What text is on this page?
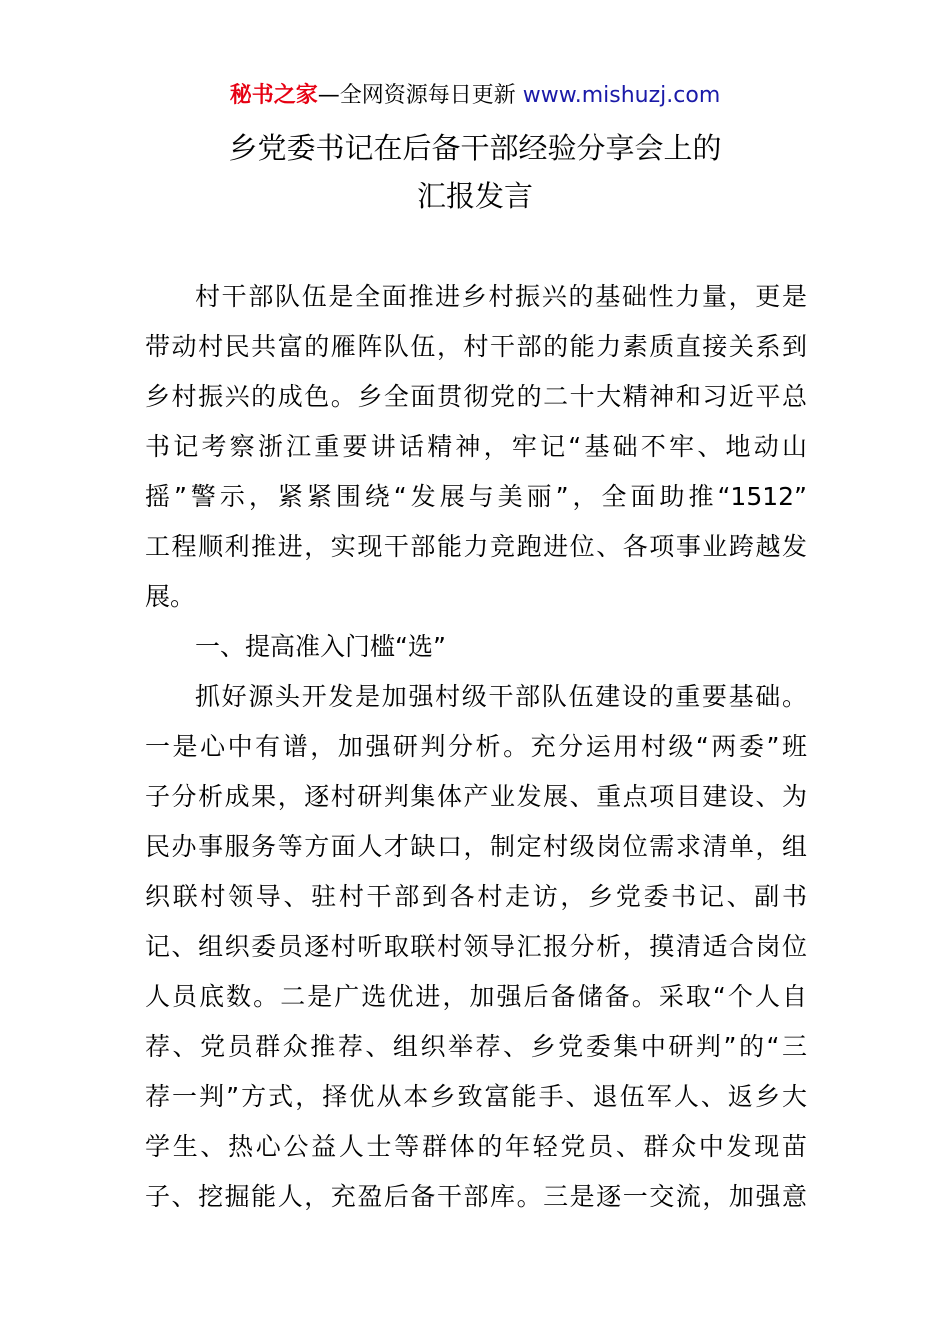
秘书之家—全网资源每日更新 www.mishuzj.com
乡党委书记在后备干部经验分享会上的
汇报发言
村干部队伍是全面推进乡村振兴的基础性力量，更是
带动村民共富的雁阵队伍，村干部的能力素质直接关系到
乡村振兴的成色。乡全面贯彻党的二十大精神和习近平总
书记考察浙江重要讲话精神，牢记“基础不牢、地动山
摇”警示，紧紧围绕“发展与美丽”，全面助推“1512”
工程顺利推进，实现干部能力竞跑进位、各项事业跨越发
展。
一、提高准入门槛“选”
抓好源头开发是加强村级干部队伍建设的重要基础。
一是心中有谱，加强研判分析。充分运用村级“两委”班
子分析成果，逐村研判集体产业发展、重点项目建设、为
民办事服务等方面人才缺口，制定村级岗位需求清单，组
织联村领导、驻村干部到各村走访，乡党委书记、副书
记、组织委员逐村听取联村领导汇报分析，摸清适合岗位
人员底数。二是广选优进，加强后备储备。采取“个人自
荐、党员群众推荐、组织举荐、乡党委集中研判”的“三
荐一判”方式，择优从本乡致富能手、退伍军人、返乡大
学生、热心公益人士等群体的年轻党员、群众中发现苗
子、挖掘能人，充盈后备干部库。三是逐一交流，加强意
